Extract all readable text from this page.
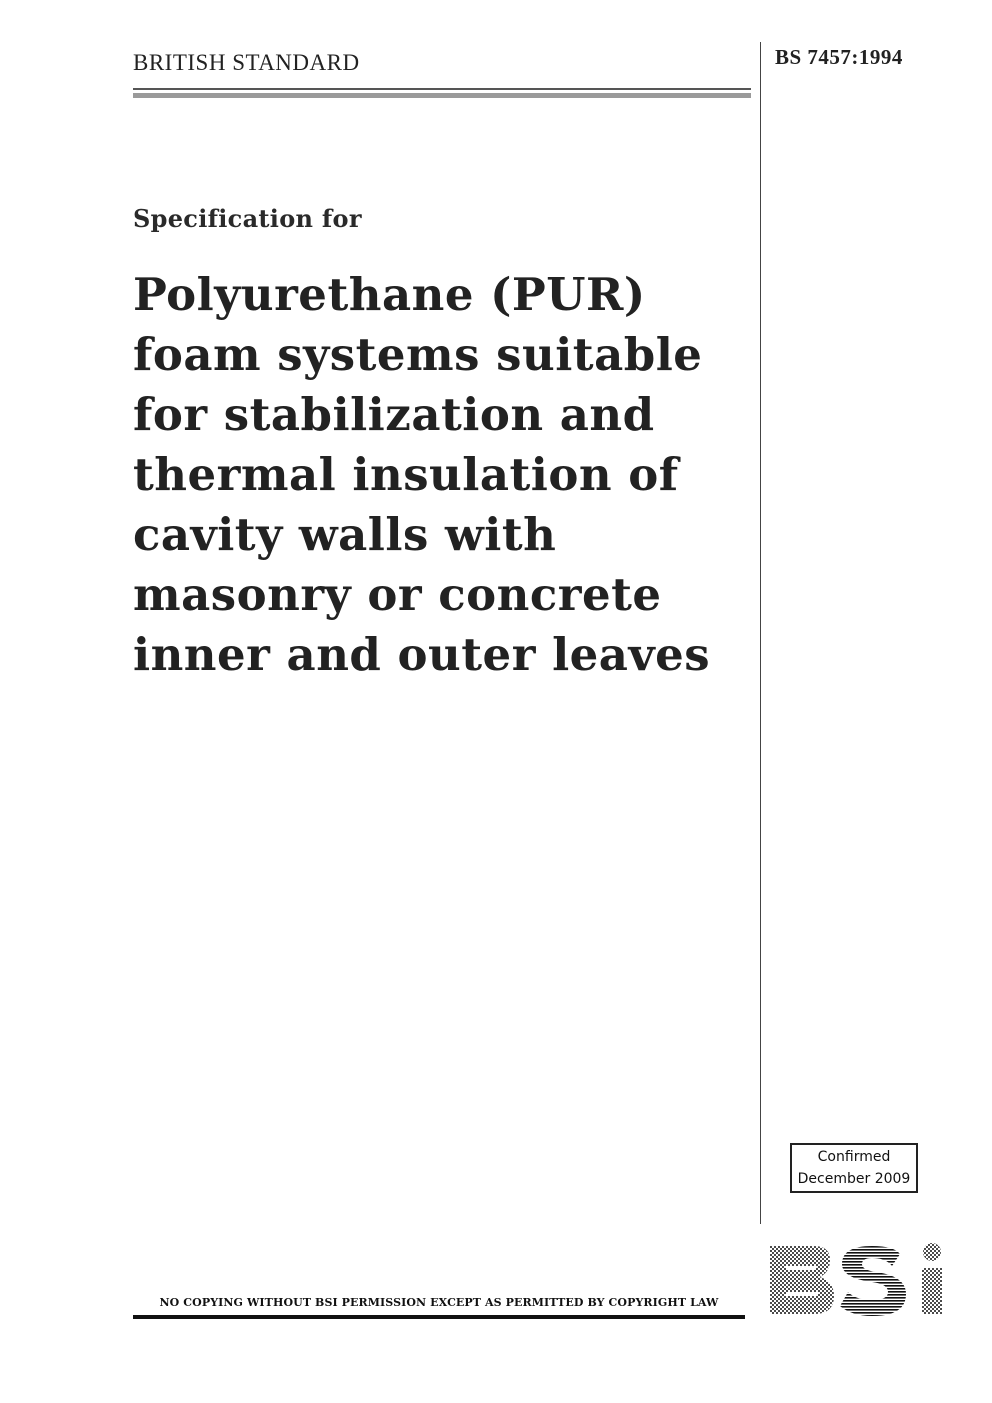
BRITISH STANDARD	BS 7457:1994
Specification for
Polyurethane (PUR)
foam systems suitable
for stabilization and
thermal insulation of
cavity walls with
masonry or concrete
inner and outer leaves
Confirmed
December 2009
NO COPYING WITHOUT BSI PERMISSION EXCEPT AS PERMITTED BY COPYRIGHT LAW
